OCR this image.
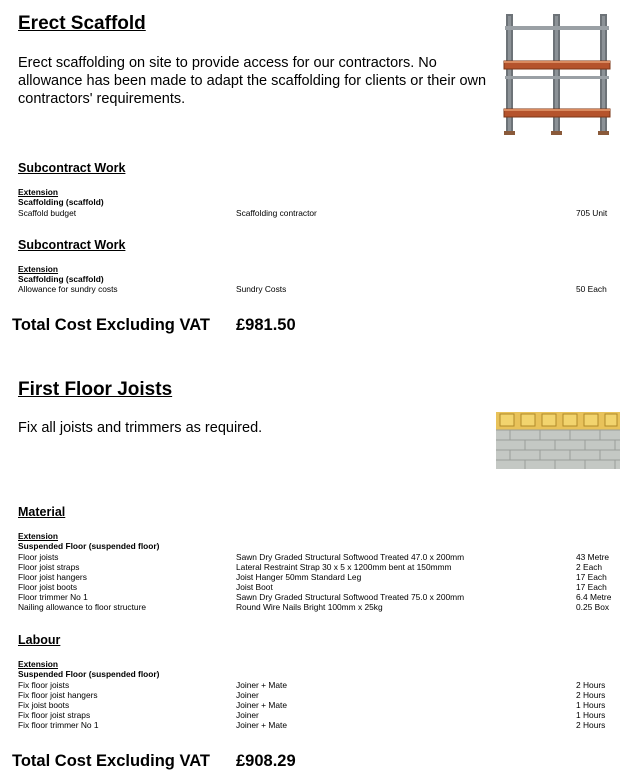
Erect Scaffold
Erect scaffolding on site to provide access for our contractors. No allowance has been made to adapt the scaffolding for clients or their own contractors' requirements.
Subcontract Work
Extension
Scaffolding (scaffold)
Scaffold budget	Scaffolding contractor	705 Unit
Subcontract Work
Extension
Scaffolding (scaffold)
Allowance for sundry costs	Sundry Costs	50 Each
Total Cost Excluding VAT £981.50
First Floor Joists
Fix all joists and trimmers as required.
Material
Extension
Suspended Floor (suspended floor)
Floor joists	Sawn Dry Graded Structural Softwood Treated 47.0 x 200mm	43 Metre
Floor joist straps	Lateral Restraint Strap 30 x 5 x 1200mm bent at 150mmm	2 Each
Floor joist hangers	Joist Hanger 50mm Standard Leg	17 Each
Floor joist boots	Joist Boot	17 Each
Floor trimmer No 1	Sawn Dry Graded Structural Softwood Treated 75.0 x 200mm	6.4 Metre
Nailing allowance to floor structure	Round Wire Nails Bright 100mm x 25kg	0.25 Box
Labour
Extension
Suspended Floor (suspended floor)
Fix floor joists	Joiner + Mate	2 Hours
Fix floor joist hangers	Joiner	2 Hours
Fix joist boots	Joiner + Mate	1 Hours
Fix floor joist straps	Joiner	1 Hours
Fix floor trimmer No 1	Joiner + Mate	2 Hours
Total Cost Excluding VAT £908.29
